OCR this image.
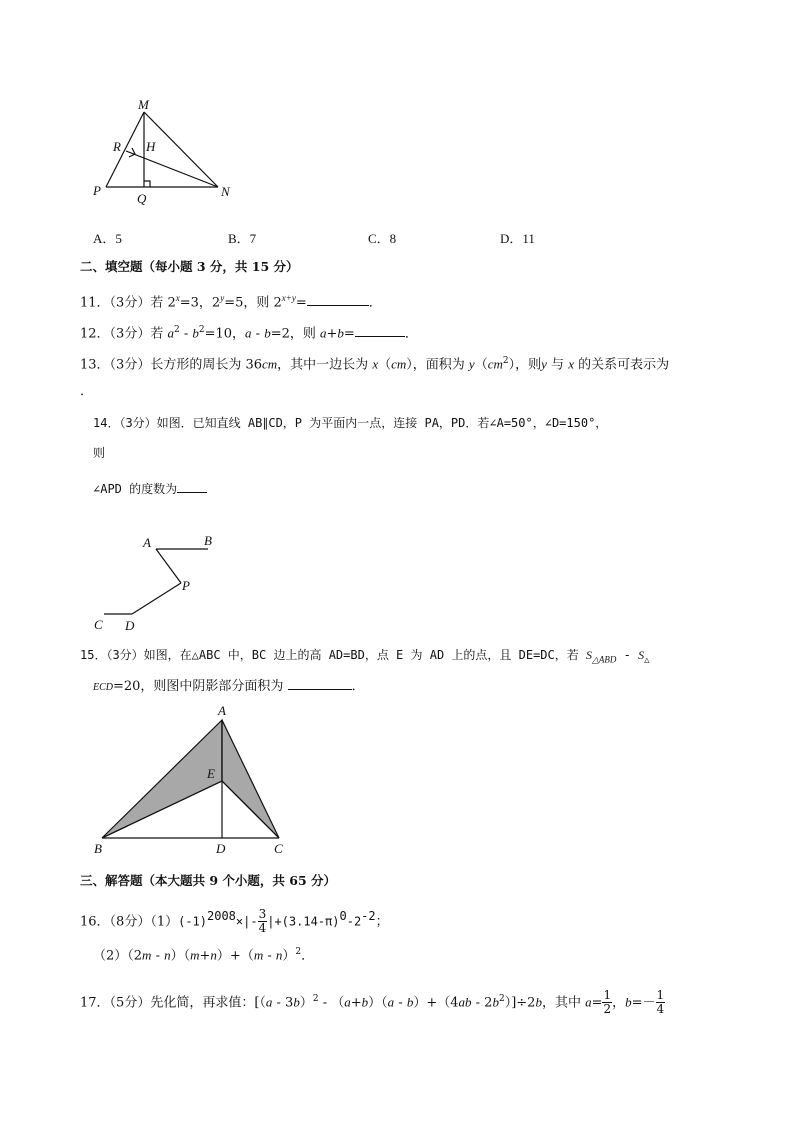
M
R H
P
Q	N
A．5	B．7	C．8	D．11
二、填空题（每小题 3 分，共 15 分）
11．（3分）若 $2^x=3$，$2^y=5$，则 $2^{x+y}=$	．
12．（3分）若 $a^2 - b^2=10$，a - b=2，则 a+b=	．
13．（3分）长方形的周长为 36cm，其中一边长为 x（cm），面积为 $y(cm^2)$，则y 与 x 的关系可表示为
．
14．（3分）如图．已知直线 AB∥CD，P 为平面内一点，连接 PA，PD．若∠A=50°，∠D=150°，
则
∠APD 的度数为
A	B
P
C D
15．（3分）如图，在△ABC 中，BC 边上的高 AD=BD，点 E 为 AD 上的点，且 DE=DC，若 $S_{\triangle ABD} - S_\triangle$
ECD=20，则图中阴影部分面积为	．
A
E
B	D	C
三、解答题（本大题共 9 个小题，共 65 分）
16．（8分）$(1)(-1)2008\times|- \frac{3}{4} |+(3.14-\pi)0-2-2$；
（2）（2m - n）（m+n）+（m - n）$^2$．
17．（5分）先化简，再求值：$[(a - 3b)^2 - (a+b)(a - b)+(4ab - 2b^2)]\div 2b$，其中 $a= \frac{1}{2}$ ，$b=- \frac{1}{4}$
